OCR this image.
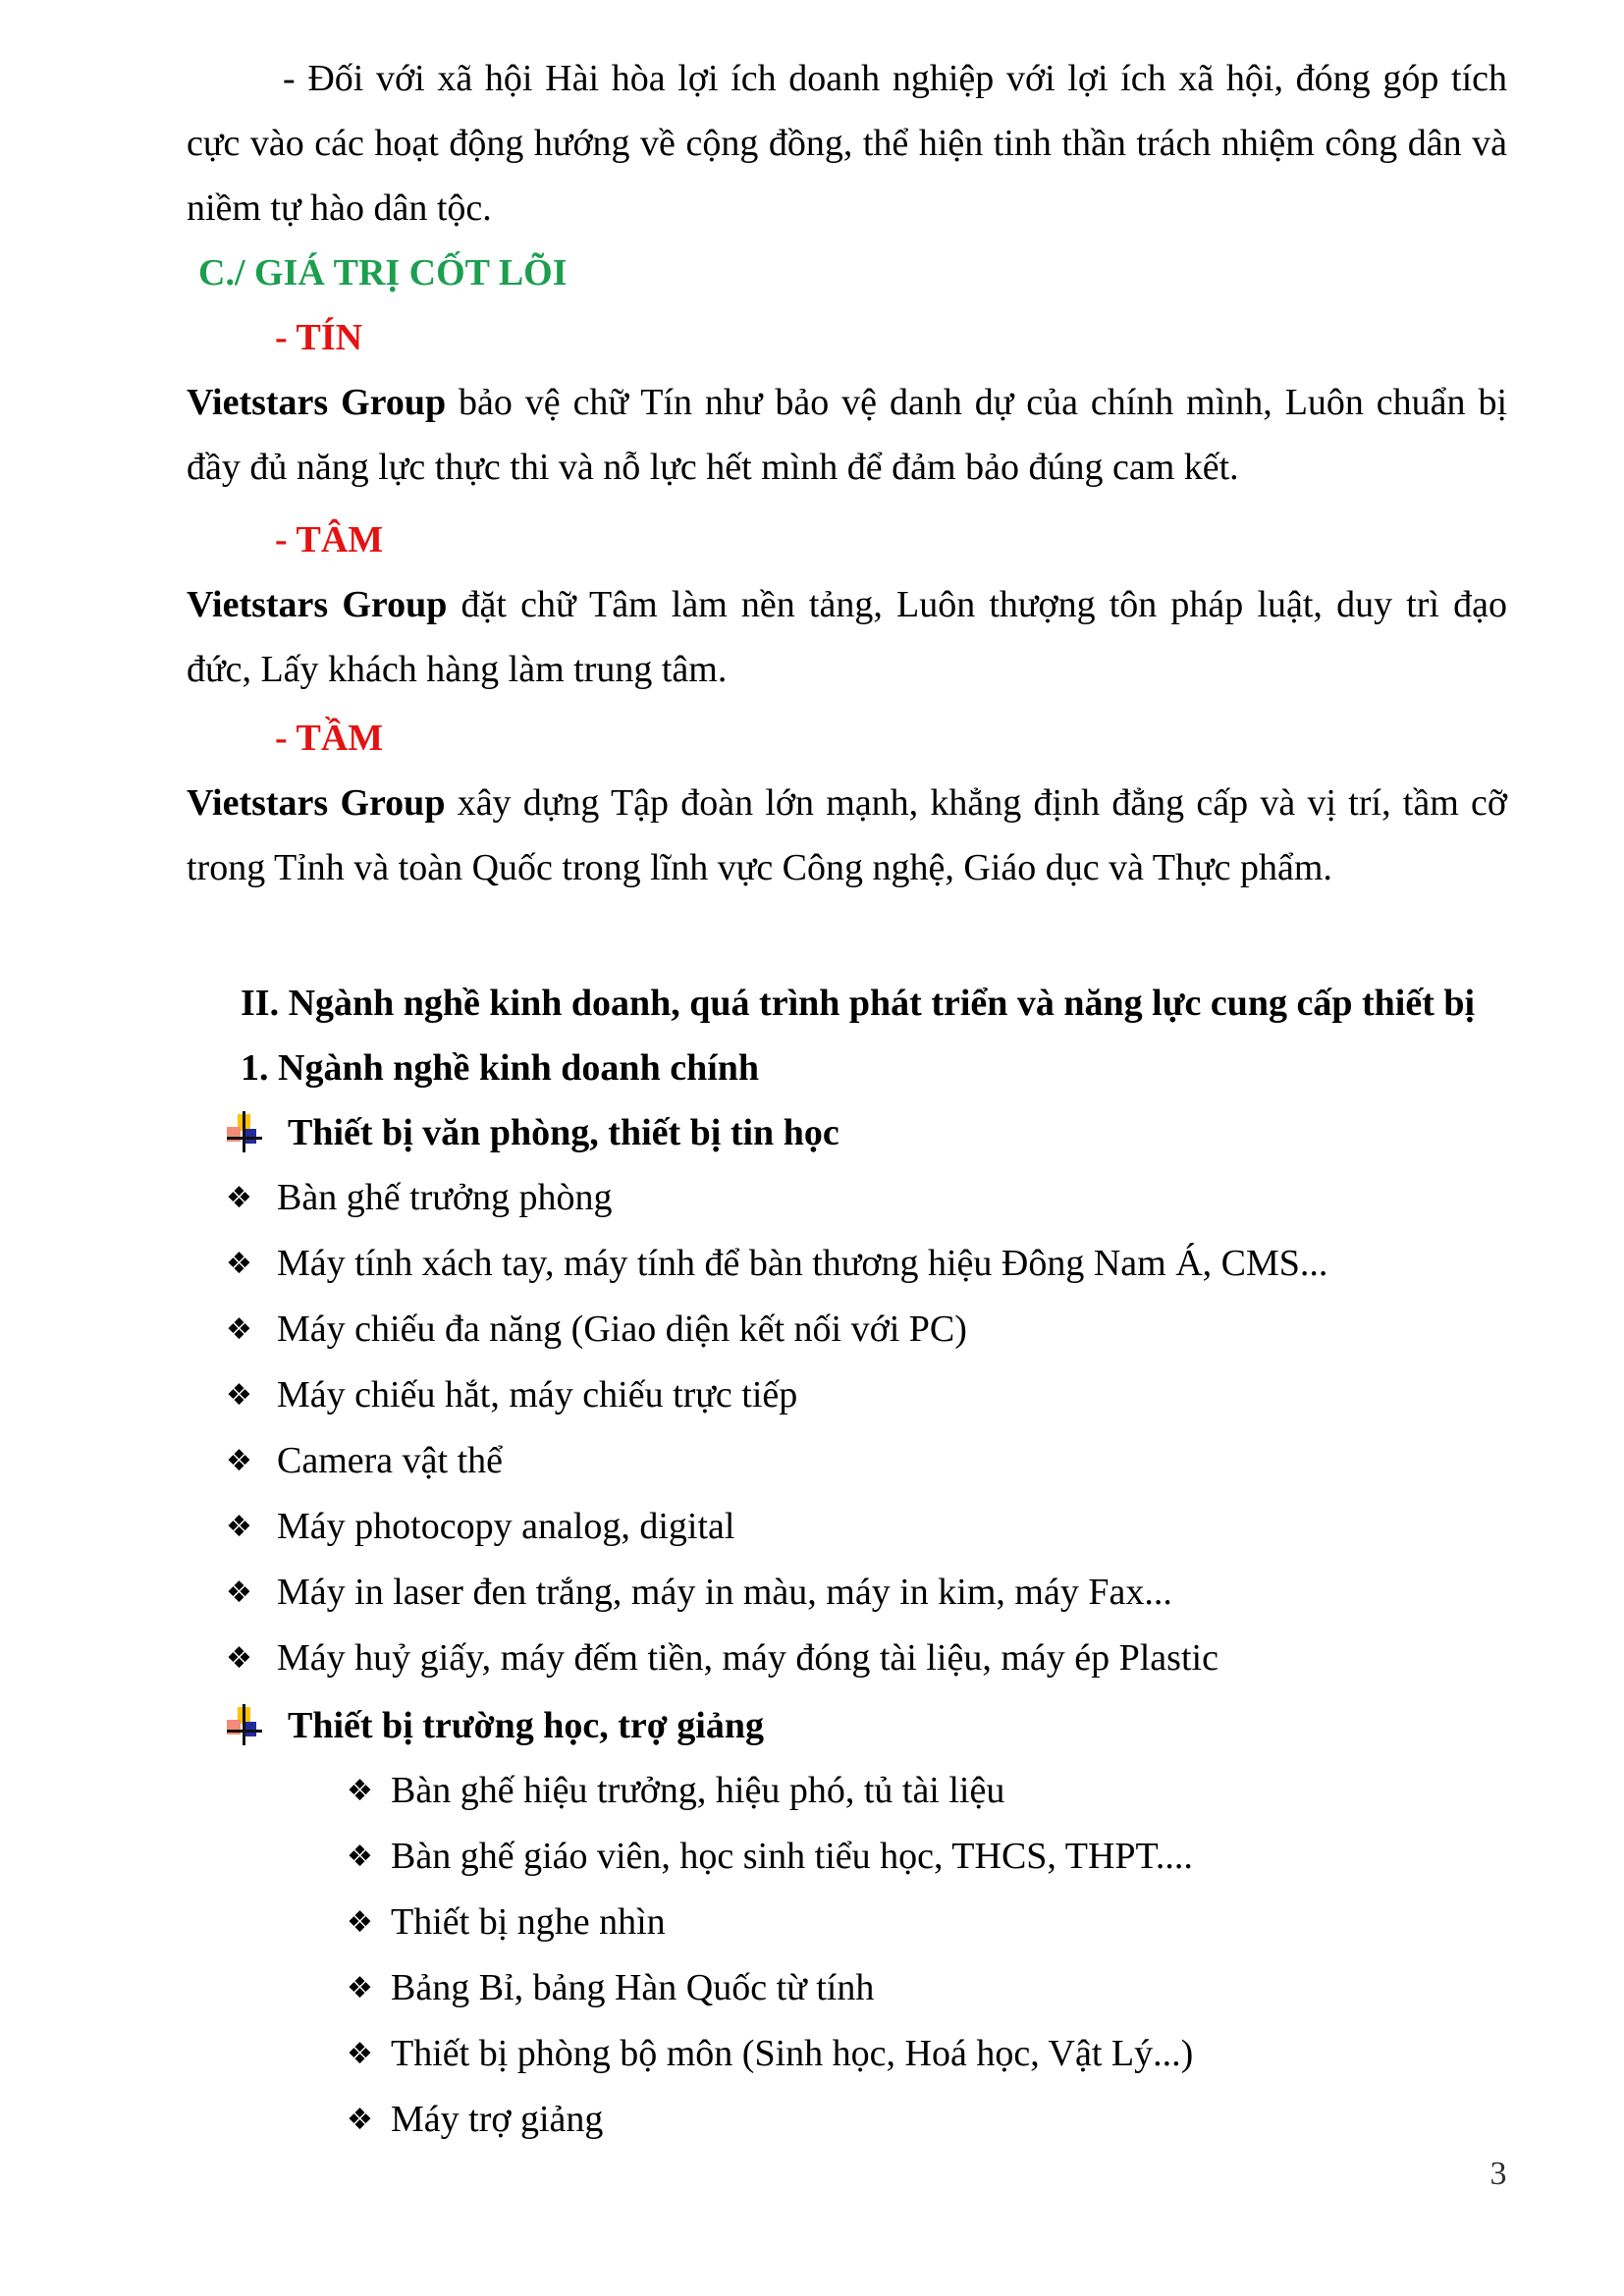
- Đối với xã hội Hài hòa lợi ích doanh nghiệp với lợi ích xã hội, đóng góp tích cực vào các hoạt động hướng về cộng đồng, thể hiện tinh thần trách nhiệm công dân và niềm tự hào dân tộc.

C./ GIÁ TRỊ CỐT LÕI
- TÍN

Vietstars Group bảo vệ chữ Tín như bảo vệ danh dự của chính mình, Luôn chuẩn bị đầy đủ năng lực thực thi và nỗ lực hết mình để đảm bảo đúng cam kết.

- TÂM

Vietstars Group đặt chữ Tâm làm nền tảng, Luôn thượng tôn pháp luật, duy trì đạo đức, Lấy khách hàng làm trung tâm.

- TẦM

Vietstars Group xây dựng Tập đoàn lớn mạnh, khẳng định đẳng cấp và vị trí, tầm cỡ trong Tỉnh và toàn Quốc trong lĩnh vực Công nghệ, Giáo dục và Thực phẩm.

II. Ngành nghề kinh doanh, quá trình phát triển và năng lực cung cấp thiết bị
1. Ngành nghề kinh doanh chính
Thiết bị văn phòng, thiết bị tin học
❖ Bàn ghế trưởng phòng
❖ Máy tính xách tay, máy tính để bàn thương hiệu Đông Nam Á, CMS...
❖ Máy chiếu đa năng (Giao diện kết nối với PC)
❖ Máy chiếu hắt, máy chiếu trực tiếp
❖ Camera vật thể
❖ Máy photocopy analog, digital
❖ Máy in laser đen trắng, máy in màu, máy in kim, máy Fax...
❖ Máy huỷ giấy, máy đếm tiền, máy đóng tài liệu, máy ép Plastic
Thiết bị trường học, trợ giảng
❖ Bàn ghế hiệu trưởng, hiệu phó, tủ tài liệu
❖ Bàn ghế giáo viên, học sinh tiểu học, THCS, THPT....
❖ Thiết bị nghe nhìn
❖ Bảng Bỉ, bảng Hàn Quốc từ tính
❖ Thiết bị phòng bộ môn (Sinh học, Hoá học, Vật Lý...)
❖ Máy trợ giảng
3
